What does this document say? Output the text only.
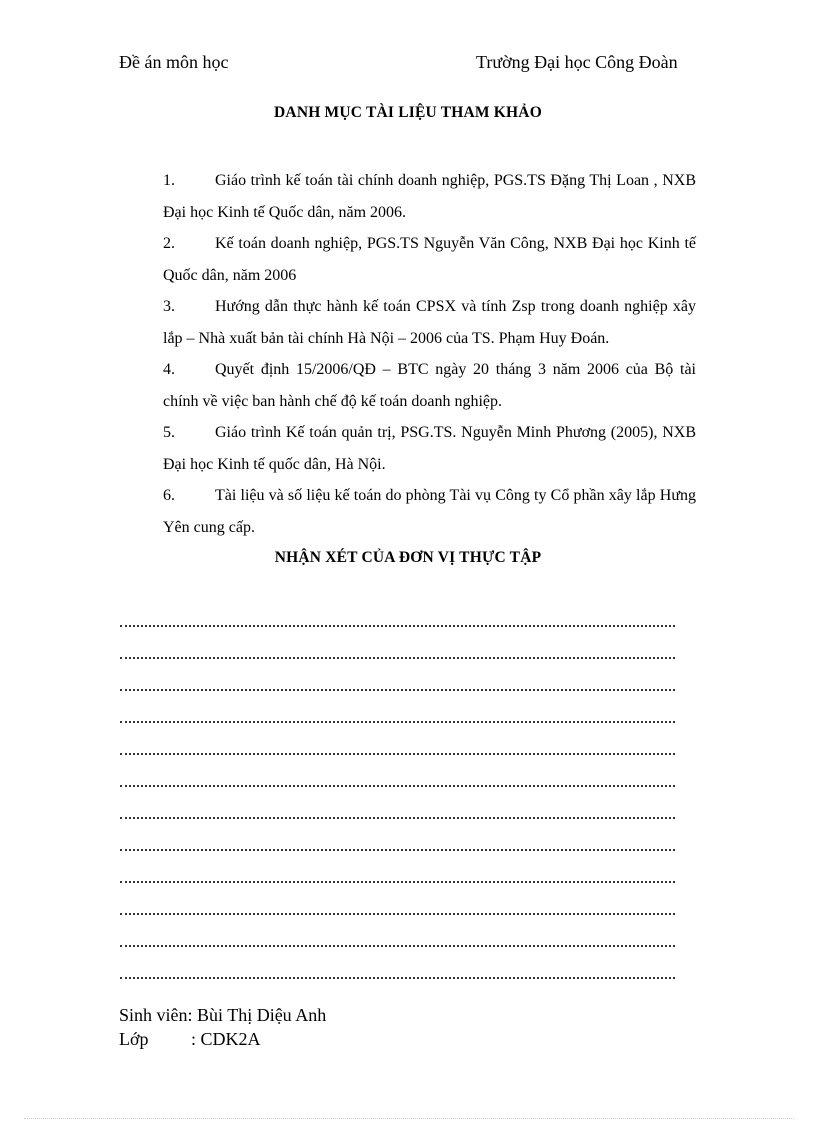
Đề án môn học	Trường Đại học Công Đoàn
DANH MỤC TÀI LIỆU THAM KHẢO
1.	Giáo trình kế toán tài chính doanh nghiệp, PGS.TS Đặng Thị Loan , NXB Đại học Kinh tế Quốc dân, năm 2006.
2.	Kế toán doanh nghiệp, PGS.TS Nguyễn Văn Công, NXB Đại học Kinh tế Quốc dân, năm 2006
3.	Hướng dẫn thực hành kế toán CPSX và tính Zsp trong doanh nghiệp xây lắp – Nhà xuất bản tài chính Hà Nội – 2006 của TS. Phạm Huy Đoán.
4.	Quyết định 15/2006/QĐ – BTC ngày 20 tháng 3 năm 2006 của Bộ tài chính về việc ban hành chế độ kế toán doanh nghiệp.
5.	Giáo trình Kế toán quản trị, PSG.TS. Nguyễn Minh Phương (2005), NXB Đại học Kinh tế quốc dân, Hà Nội.
6.	Tài liệu và số liệu kế toán do phòng Tài vụ Công ty Cổ phần xây lắp Hưng Yên cung cấp.
NHẬN XÉT CỦA ĐƠN VỊ THỰC TẬP
Sinh viên: Bùi Thị Diệu Anh
Lớp : CDK2A
